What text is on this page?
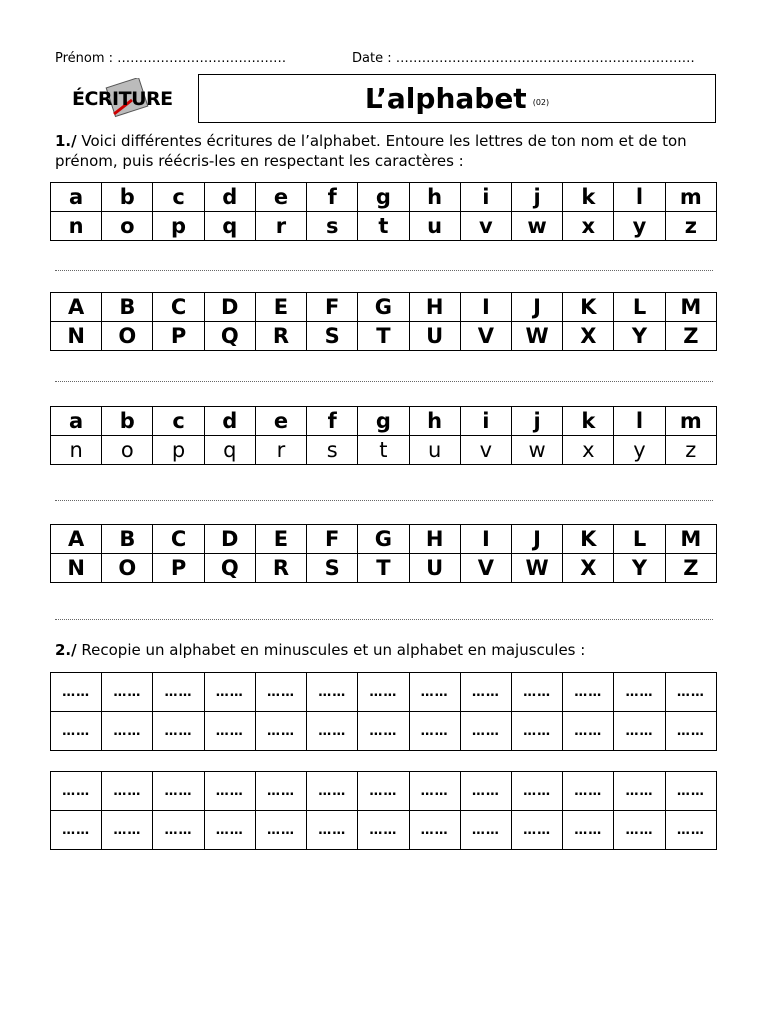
Prénom : …………………………………	Date : ……………………………………………………………
ÉCRITURE	L’alphabet (02)
1./ Voici différentes écritures de l’alphabet. Entoure les lettres de ton nom et de ton prénom, puis réécris-les en respectant les caractères :
a	b	c	d	e	f	g	h	i	j	k	l	m
n	o	p	q	r	s	t	u	v	w	x	y	z
A	B	C	D	E	F	G	H	I	J	K	L	M
N	O	P	Q	R	S	T	U	V	W	X	Y	Z
a	b	c	d	e	f	g	h	i	j	k	l	m
n	o	p	q	r	s	t	u	v	w	x	y	z
A	B	C	D	E	F	G	H	I	J	K	L	M
N	O	P	Q	R	S	T	U	V	W	X	Y	Z
2./ Recopie un alphabet en minuscules et un alphabet en majuscules :
……	……	……	……	……	……	……	……	……	……	……	……	……
……	……	……	……	……	……	……	……	……	……	……	……	……
……	……	……	……	……	……	……	……	……	……	……	……	……
……	……	……	……	……	……	……	……	……	……	……	……	……
